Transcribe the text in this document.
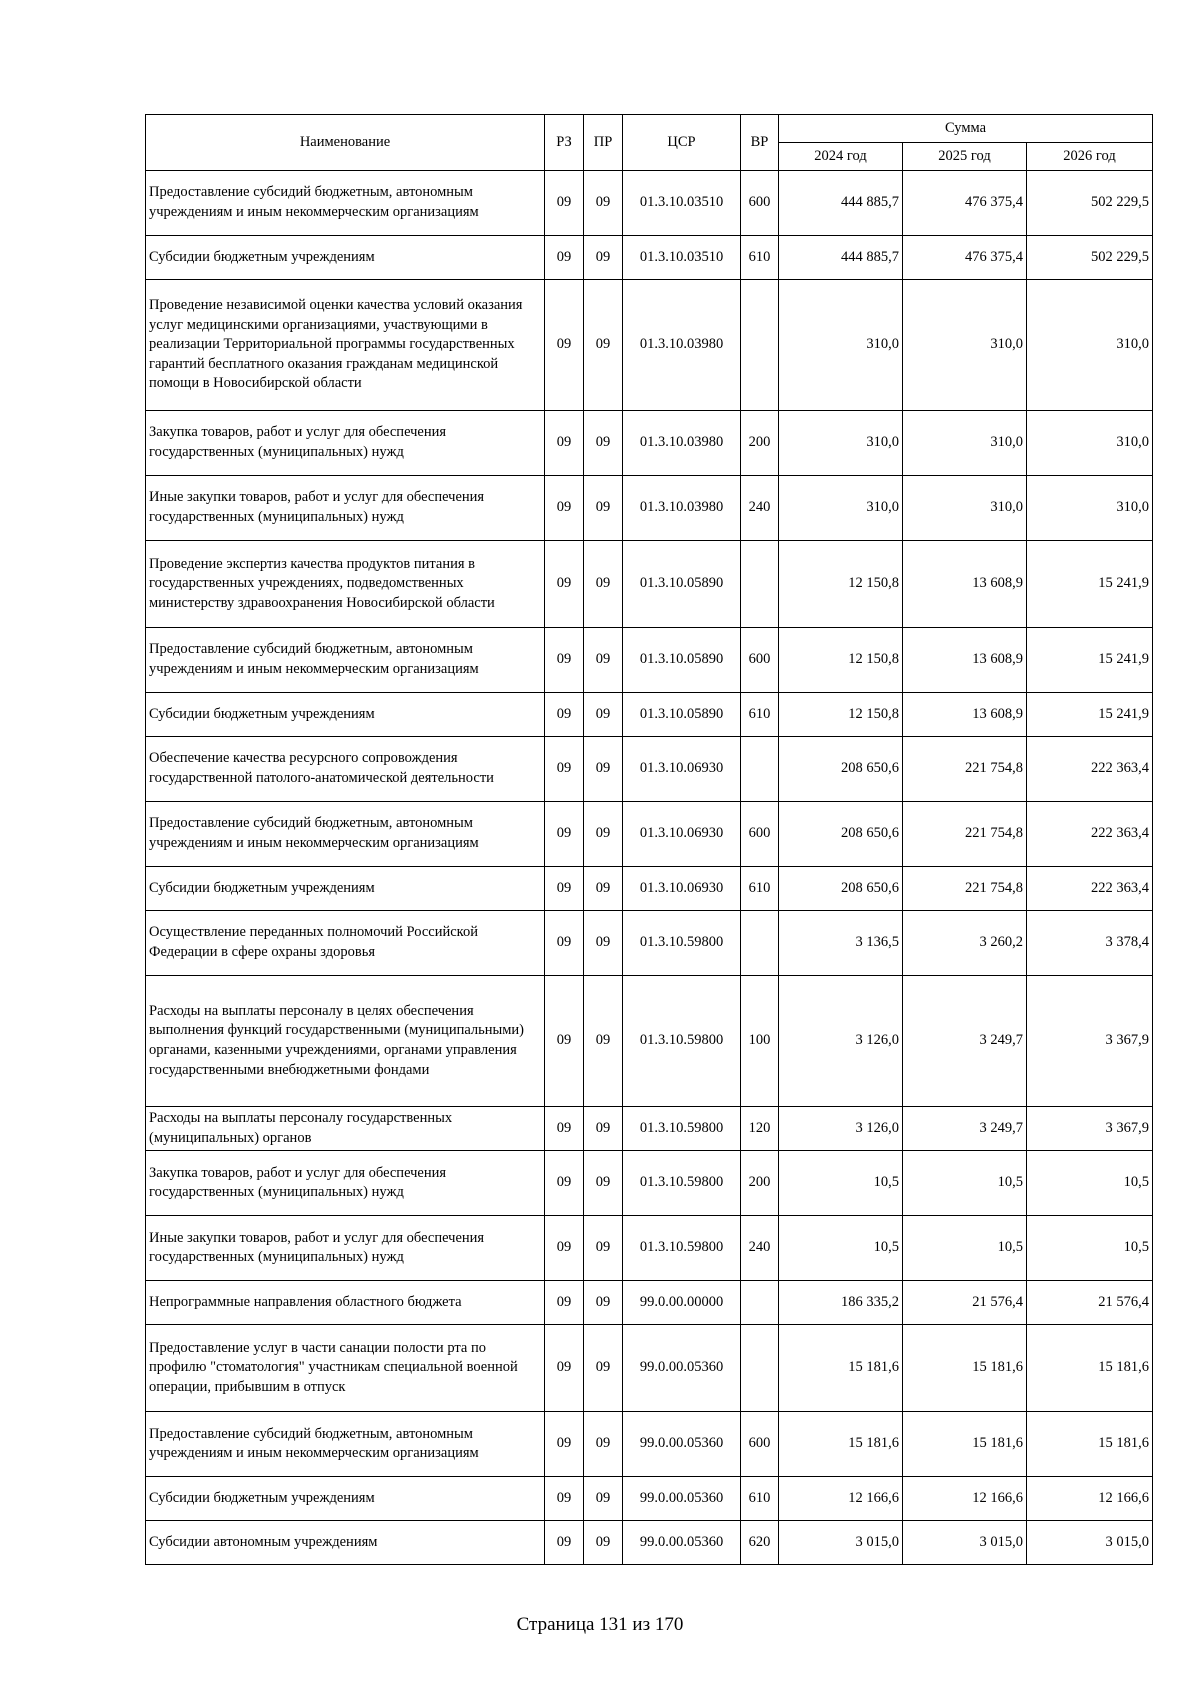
Наименование	РЗ	ПР	ЦСР	ВР	Сумма		
					2024 год	2025 год	2026 год
Предоставление субсидий бюджетным, автономным учреждениям и иным некоммерческим организациям	09	09	01.3.10.03510	600	444 885,7	476 375,4	502 229,5
Субсидии бюджетным учреждениям	09	09	01.3.10.03510	610	444 885,7	476 375,4	502 229,5
Проведение независимой оценки качества условий оказания услуг медицинскими организациями, участвующими в реализации Территориальной программы государственных гарантий бесплатного оказания гражданам медицинской помощи в Новосибирской области	09	09	01.3.10.03980		310,0	310,0	310,0
Закупка товаров, работ и услуг для обеспечения государственных (муниципальных) нужд	09	09	01.3.10.03980	200	310,0	310,0	310,0
Иные закупки товаров, работ и услуг для обеспечения государственных (муниципальных) нужд	09	09	01.3.10.03980	240	310,0	310,0	310,0
Проведение экспертиз качества продуктов питания в государственных учреждениях, подведомственных министерству здравоохранения Новосибирской области	09	09	01.3.10.05890		12 150,8	13 608,9	15 241,9
Предоставление субсидий бюджетным, автономным учреждениям и иным некоммерческим организациям	09	09	01.3.10.05890	600	12 150,8	13 608,9	15 241,9
Субсидии бюджетным учреждениям	09	09	01.3.10.05890	610	12 150,8	13 608,9	15 241,9
Обеспечение качества ресурсного сопровождения государственной патолого-анатомической деятельности	09	09	01.3.10.06930		208 650,6	221 754,8	222 363,4
Предоставление субсидий бюджетным, автономным учреждениям и иным некоммерческим организациям	09	09	01.3.10.06930	600	208 650,6	221 754,8	222 363,4
Субсидии бюджетным учреждениям	09	09	01.3.10.06930	610	208 650,6	221 754,8	222 363,4
Осуществление переданных полномочий Российской Федерации в сфере охраны здоровья	09	09	01.3.10.59800		3 136,5	3 260,2	3 378,4
Расходы на выплаты персоналу в целях обеспечения выполнения функций государственными (муниципальными) органами, казенными учреждениями, органами управления государственными внебюджетными фондами	09	09	01.3.10.59800	100	3 126,0	3 249,7	3 367,9
Расходы на выплаты персоналу государственных (муниципальных) органов	09	09	01.3.10.59800	120	3 126,0	3 249,7	3 367,9
Закупка товаров, работ и услуг для обеспечения государственных (муниципальных) нужд	09	09	01.3.10.59800	200	10,5	10,5	10,5
Иные закупки товаров, работ и услуг для обеспечения государственных (муниципальных) нужд	09	09	01.3.10.59800	240	10,5	10,5	10,5
Непрограммные направления областного бюджета	09	09	99.0.00.00000		186 335,2	21 576,4	21 576,4
Предоставление услуг в части санации полости рта по профилю "стоматология" участникам специальной военной операции, прибывшим в отпуск	09	09	99.0.00.05360		15 181,6	15 181,6	15 181,6
Предоставление субсидий бюджетным, автономным учреждениям и иным некоммерческим организациям	09	09	99.0.00.05360	600	15 181,6	15 181,6	15 181,6
Субсидии бюджетным учреждениям	09	09	99.0.00.05360	610	12 166,6	12 166,6	12 166,6
Субсидии автономным учреждениям	09	09	99.0.00.05360	620	3 015,0	3 015,0	3 015,0
Страница 131 из 170
